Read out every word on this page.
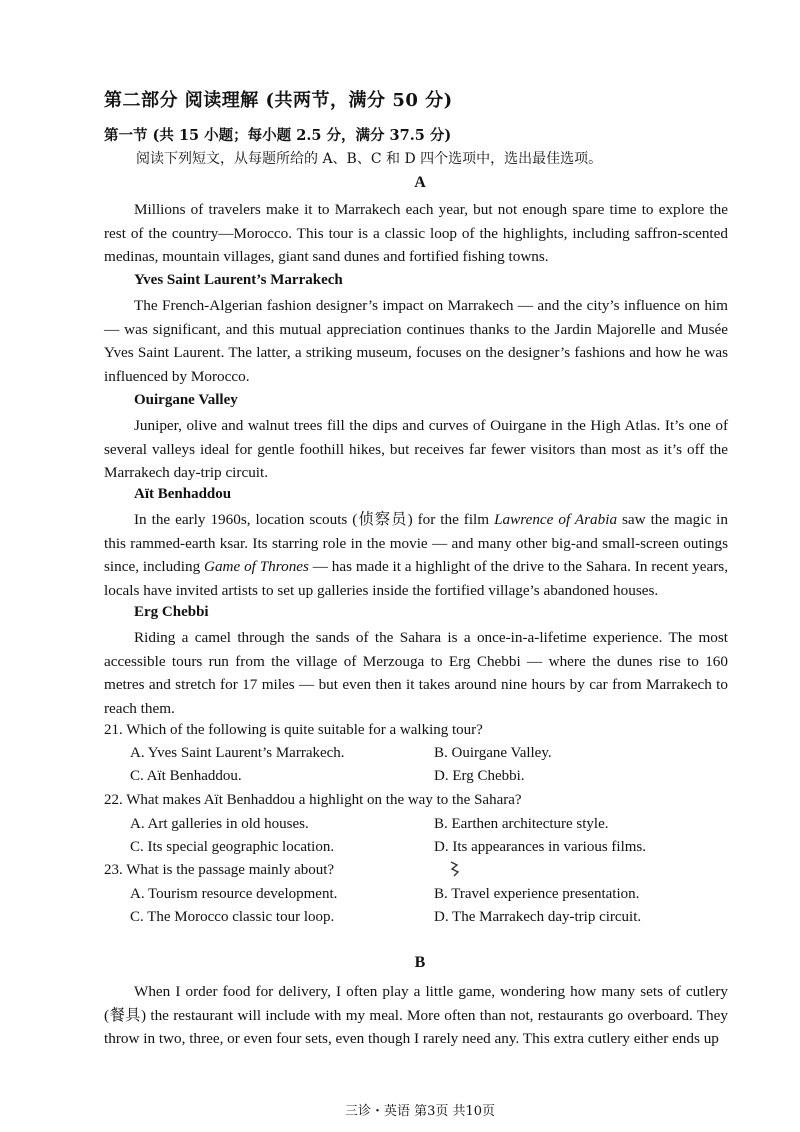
第二部分 阅读理解 (共两节，满分 50 分)
第一节 (共 15 小题；每小题 2.5 分，满分 37.5 分)
阅读下列短文，从每题所给的 A、B、C 和 D 四个选项中，选出最佳选项。
A

Millions of travelers make it to Marrakech each year, but not enough spare time to explore the rest of the country—Morocco. This tour is a classic loop of the highlights, including saffron-scented medinas, mountain villages, giant sand dunes and fortified fishing towns.

Yves Saint Laurent’s Marrakech

The French-Algerian fashion designer’s impact on Marrakech — and the city’s influence on him — was significant, and this mutual appreciation continues thanks to the Jardin Majorelle and Musée Yves Saint Laurent. The latter, a striking museum, focuses on the designer’s fashions and how he was influenced by Morocco.

Ouirgane Valley

Juniper, olive and walnut trees fill the dips and curves of Ouirgane in the High Atlas. It’s one of several valleys ideal for gentle foothill hikes, but receives far fewer visitors than most as it’s off the Marrakech day-trip circuit.

Aït Benhaddou

In the early 1960s, location scouts (侦察员) for the film Lawrence of Arabia saw the magic in this rammed-earth ksar. Its starring role in the movie — and many other big-and small-screen outings since, including Game of Thrones — has made it a highlight of the drive to the Sahara. In recent years, locals have invited artists to set up galleries inside the fortified village’s abandoned houses.

Erg Chebbi

Riding a camel through the sands of the Sahara is a once-in-a-lifetime experience. The most accessible tours run from the village of Merzouga to Erg Chebbi — where the dunes rise to 160 metres and stretch for 17 miles — but even then it takes around nine hours by car from Marrakech to reach them.

21. Which of the following is quite suitable for a walking tour?
A. Yves Saint Laurent’s Marrakech.	B. Ouirgane Valley.
C. Aït Benhaddou.	D. Erg Chebbi.
22. What makes Aït Benhaddou a highlight on the way to the Sahara?
A. Art galleries in old houses.	B. Earthen architecture style.
C. Its special geographic location.	D. Its appearances in various films.
23. What is the passage mainly about?
A. Tourism resource development.	B. Travel experience presentation.
C. The Morocco classic tour loop.	D. The Marrakech day-trip circuit.
B

When I order food for delivery, I often play a little game, wondering how many sets of cutlery (餐具) the restaurant will include with my meal. More often than not, restaurants go overboard. They throw in two, three, or even four sets, even though I rarely need any. This extra cutlery either ends up

三诊・英语 第3页 共10页
